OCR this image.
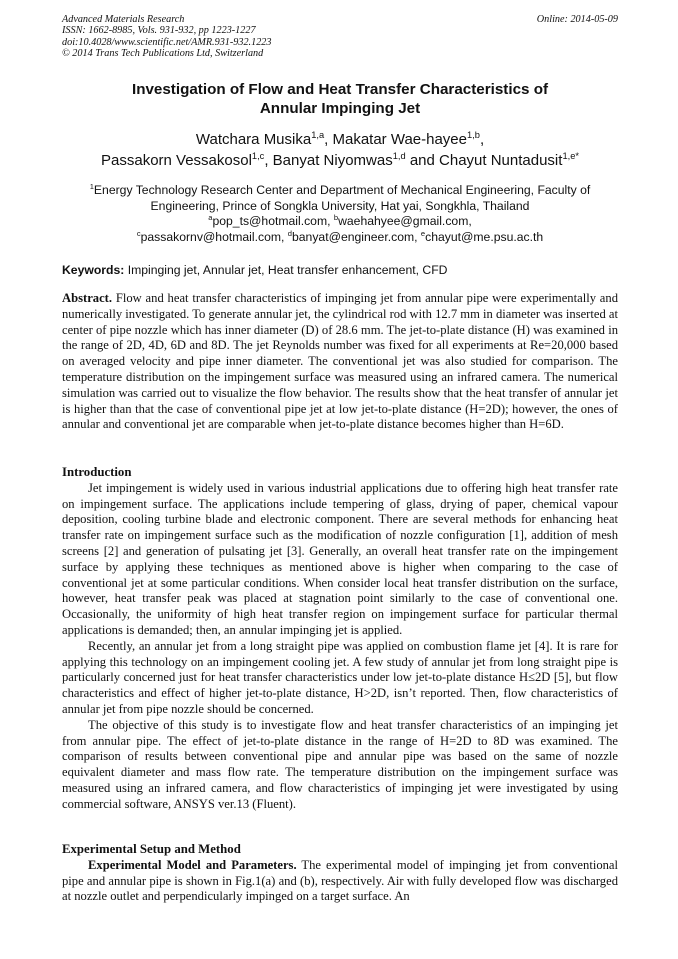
Advanced Materials Research
ISSN: 1662-8985, Vols. 931-932, pp 1223-1227
doi:10.4028/www.scientific.net/AMR.931-932.1223
© 2014 Trans Tech Publications Ltd, Switzerland
Online: 2014-05-09
Investigation of Flow and Heat Transfer Characteristics of
Annular Impinging Jet
Watchara Musika$^{1,a}$, Makatar Wae-hayee$^{1,b}$,
Passakorn Vessakosol$^{1,c}$, Banyat Niyomwas$^{1,d}$ and Chayut Nuntadusit$^{1,e*}$
$^1$Energy Technology Research Center and Department of Mechanical Engineering, Faculty of
Engineering, Prince of Songkla University, Hat yai, Songkhla, Thailand
$^a$pop_ts@hotmail.com, $^b$waehahyee@gmail.com,
$^c$passakornv@hotmail.com, $^d$banyat@engineer.com, $^e$chayut@me.psu.ac.th
Keywords: Impinging jet, Annular jet, Heat transfer enhancement, CFD

Abstract. Flow and heat transfer characteristics of impinging jet from annular pipe were experimentally and numerically investigated. To generate annular jet, the cylindrical rod with 12.7 mm in diameter was inserted at center of pipe nozzle which has inner diameter (D) of 28.6 mm. The jet-to-plate distance (H) was examined in the range of 2D, 4D, 6D and 8D. The jet Reynolds number was fixed for all experiments at Re=20,000 based on averaged velocity and pipe inner diameter. The conventional jet was also studied for comparison. The temperature distribution on the impingement surface was measured using an infrared camera. The numerical simulation was carried out to visualize the flow behavior. The results show that the heat transfer of annular jet is higher than that the case of conventional pipe jet at low jet-to-plate distance (H=2D); however, the ones of annular and conventional jet are comparable when jet-to-plate distance becomes higher than H=6D.

Introduction

Jet impingement is widely used in various industrial applications due to offering high heat transfer rate on impingement surface. The applications include tempering of glass, drying of paper, chemical vapour deposition, cooling turbine blade and electronic component. There are several methods for enhancing heat transfer rate on impingement surface such as the modification of nozzle configuration [1], addition of mesh screens [2] and generation of pulsating jet [3]. Generally, an overall heat transfer rate on the impingement surface by applying these techniques as mentioned above is higher when comparing to the case of conventional jet at some particular conditions. When consider local heat transfer distribution on the surface, however, heat transfer peak was placed at stagnation point similarly to the case of conventional one. Occasionally, the uniformity of high heat transfer region on impingement surface for particular thermal applications is demanded; then, an annular impinging jet is applied.

Recently, an annular jet from a long straight pipe was applied on combustion flame jet [4]. It is rare for applying this technology on an impingement cooling jet. A few study of annular jet from long straight pipe is particularly concerned just for heat transfer characteristics under low jet-to-plate distance H≤2D [5], but flow characteristics and effect of higher jet-to-plate distance, H>2D, isn’t reported. Then, flow characteristics of annular jet from pipe nozzle should be concerned.

The objective of this study is to investigate flow and heat transfer characteristics of an impinging jet from annular pipe. The effect of jet-to-plate distance in the range of H=2D to 8D was examined. The comparison of results between conventional pipe and annular pipe was based on the same of nozzle equivalent diameter and mass flow rate. The temperature distribution on the impingement surface was measured using an infrared camera, and flow characteristics of impinging jet were investigated by using commercial software, ANSYS ver.13 (Fluent).

Experimental Setup and Method

Experimental Model and Parameters. The experimental model of impinging jet from conventional pipe and annular pipe is shown in Fig.1(a) and (b), respectively. Air with fully developed flow was discharged at nozzle outlet and perpendicularly impinged on a target surface. An
